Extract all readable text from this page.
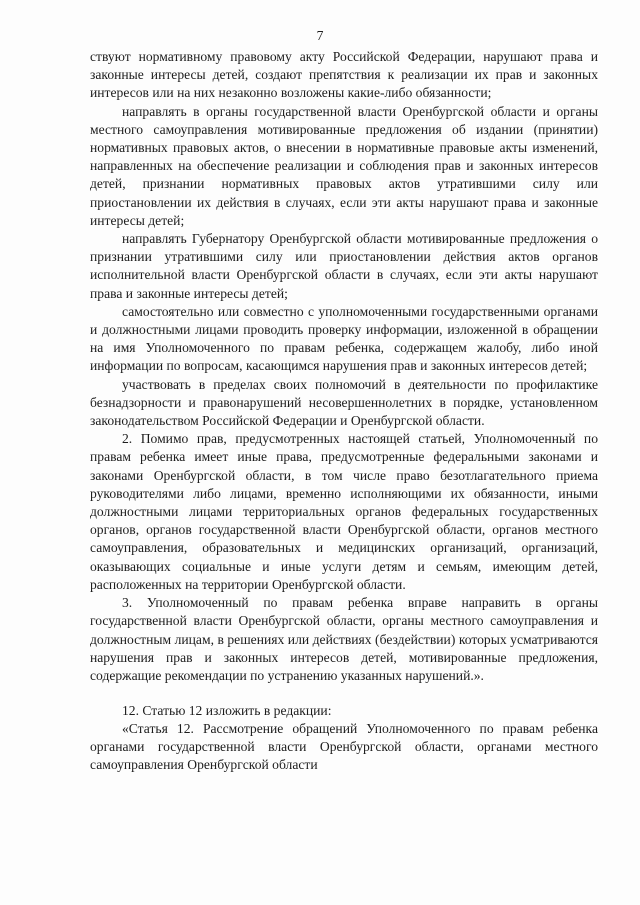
7

ствуют нормативному правовому акту Российской Федерации, нарушают права и законные интересы детей, создают препятствия к реализации их прав и законных интересов или на них незаконно возложены какие-либо обязанности;

направлять в органы государственной власти Оренбургской области и органы местного самоуправления мотивированные предложения об издании (принятии) нормативных правовых актов, о внесении в нормативные правовые акты изменений, направленных на обеспечение реализации и соблюдения прав и законных интересов детей, признании нормативных правовых актов утратившими силу или приостановлении их действия в случаях, если эти акты нарушают права и законные интересы детей;

направлять Губернатору Оренбургской области мотивированные предложения о признании утратившими силу или приостановлении действия актов органов исполнительной власти Оренбургской области в случаях, если эти акты нарушают права и законные интересы детей;

самостоятельно или совместно с уполномоченными государственными органами и должностными лицами проводить проверку информации, изложенной в обращении на имя Уполномоченного по правам ребенка, содержащем жалобу, либо иной информации по вопросам, касающимся нарушения прав и законных интересов детей;

участвовать в пределах своих полномочий в деятельности по профилактике безнадзорности и правонарушений несовершеннолетних в порядке, установленном законодательством Российской Федерации и Оренбургской области.

2. Помимо прав, предусмотренных настоящей статьей, Уполномоченный по правам ребенка имеет иные права, предусмотренные федеральными законами и законами Оренбургской области, в том числе право безотлагательного приема руководителями либо лицами, временно исполняющими их обязанности, иными должностными лицами территориальных органов федеральных государственных органов, органов государственной власти Оренбургской области, органов местного самоуправления, образовательных и медицинских организаций, организаций, оказывающих социальные и иные услуги детям и семьям, имеющим детей, расположенных на территории Оренбургской области.

3. Уполномоченный по правам ребенка вправе направить в органы государственной власти Оренбургской области, органы местного самоуправления и должностным лицам, в решениях или действиях (бездействии) которых усматриваются нарушения прав и законных интересов детей, мотивированные предложения, содержащие рекомендации по устранению указанных нарушений.».

12. Статью 12 изложить в редакции:

«Статья 12. Рассмотрение обращений Уполномоченного по правам ребенка органами государственной власти Оренбургской области, органами местного самоуправления Оренбургской области
